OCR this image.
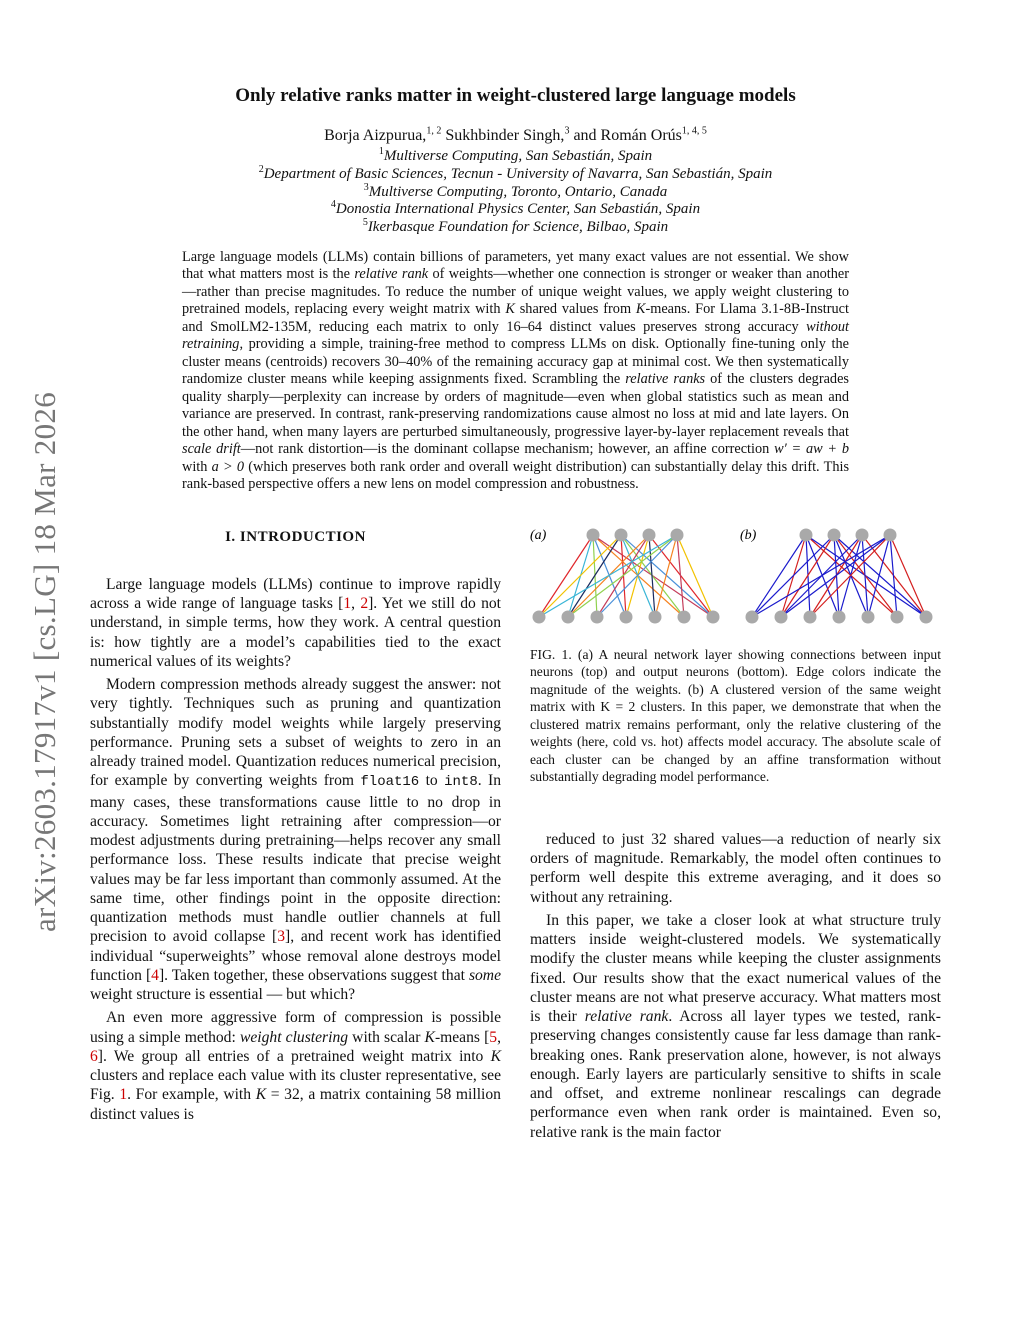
arXiv:2603.17917v1 [cs.LG] 18 Mar 2026
Only relative ranks matter in weight-clustered large language models
Borja Aizpurua,$^{1, 2}$ Sukhbinder Singh,$^3$ and Román Orús$^{1, 4, 5}$
$^1$Multiverse Computing, San Sebastián, Spain
$^2$Department of Basic Sciences, Tecnun - University of Navarra, San Sebastián, Spain
$^3$Multiverse Computing, Toronto, Ontario, Canada
$^4$Donostia International Physics Center, San Sebastián, Spain
$^5$Ikerbasque Foundation for Science, Bilbao, Spain
Large language models (LLMs) contain billions of parameters, yet many exact values are not essential. We show that what matters most is the relative rank of weights—whether one connection is stronger or weaker than another—rather than precise magnitudes. To reduce the number of unique weight values, we apply weight clustering to pretrained models, replacing every weight matrix with K shared values from K-means. For Llama 3.1-8B-Instruct and SmolLM2-135M, reducing each matrix to only 16–64 distinct values preserves strong accuracy without retraining, providing a simple, training-free method to compress LLMs on disk. Optionally fine-tuning only the cluster means (centroids) recovers 30–40% of the remaining accuracy gap at minimal cost. We then systematically randomize cluster means while keeping assignments fixed. Scrambling the relative ranks of the clusters degrades quality sharply—perplexity can increase by orders of magnitude—even when global statistics such as mean and variance are preserved. In contrast, rank-preserving randomizations cause almost no loss at mid and late layers. On the other hand, when many layers are perturbed simultaneously, progressive layer-by-layer replacement reveals that scale drift—not rank distortion—is the dominant collapse mechanism; however, an affine correction w′ = aw + b with a > 0 (which preserves both rank order and overall weight distribution) can substantially delay this drift. This rank-based perspective offers a new lens on model compression and robustness.
I. INTRODUCTION

Large language models (LLMs) continue to improve rapidly across a wide range of language tasks [1, 2]. Yet we still do not understand, in simple terms, how they work. A central question is: how tightly are a model’s capabilities tied to the exact numerical values of its weights?

Modern compression methods already suggest the answer: not very tightly. Techniques such as pruning and quantization substantially modify model weights while largely preserving performance. Pruning sets a subset of weights to zero in an already trained model. Quantization reduces numerical precision, for example by converting weights from float16 to int8. In many cases, these transformations cause little to no drop in accuracy. Sometimes light retraining after compression—or modest adjustments during pretraining—helps recover any small performance loss. These results indicate that precise weight values may be far less important than commonly assumed. At the same time, other findings point in the opposite direction: quantization methods must handle outlier channels at full precision to avoid collapse [3], and recent work has identified individual “superweights” whose removal alone destroys model function [4]. Taken together, these observations suggest that some weight structure is essential — but which?

An even more aggressive form of compression is possible using a simple method: weight clustering with scalar K-means [5, 6]. We group all entries of a pretrained weight matrix into K clusters and replace each value with its cluster representative, see Fig. 1. For example, with K = 32, a matrix containing 58 million distinct values is

(a)	(b)
FIG. 1. (a) A neural network layer showing connections between input neurons (top) and output neurons (bottom). Edge colors indicate the magnitude of the weights. (b) A clustered version of the same weight matrix with K = 2 clusters. In this paper, we demonstrate that when the clustered matrix remains performant, only the relative clustering of the weights (here, cold vs. hot) affects model accuracy. The absolute scale of each cluster can be changed by an affine transformation without substantially degrading model performance.

reduced to just 32 shared values—a reduction of nearly six orders of magnitude. Remarkably, the model often continues to perform well despite this extreme averaging, and it does so without any retraining.

In this paper, we take a closer look at what structure truly matters inside weight-clustered models. We systematically modify the cluster means while keeping the cluster assignments fixed. Our results show that the exact numerical values of the cluster means are not what preserve accuracy. What matters most is their relative rank. Across all layer types we tested, rank-preserving changes consistently cause far less damage than rank-breaking ones. Rank preservation alone, however, is not always enough. Early layers are particularly sensitive to shifts in scale and offset, and extreme nonlinear rescalings can degrade performance even when rank order is maintained. Even so, relative rank is the main factor
